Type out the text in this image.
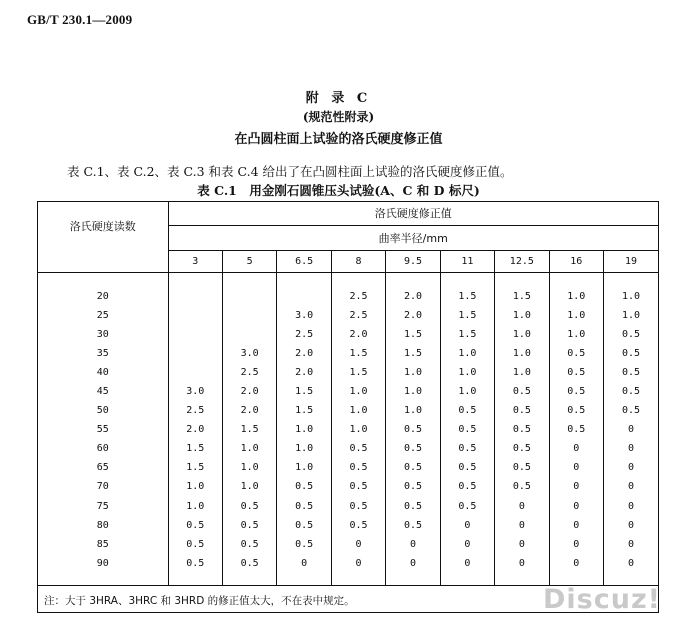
GB/T 230.1—2009
附 录 C
(规范性附录)
在凸圆柱面上试验的洛氏硬度修正值
表 C.1、表 C.2、表 C.3 和表 C.4 给出了在凸圆柱面上试验的洛氏硬度修正值。
表 C.1　用金刚石圆锥压头试验(A、C 和 D 标尺)
洛氏硬度读数	洛氏硬度修正值								
	曲率半径/mm								
	3	5	6.5	8	9.5	11	12.5	16	19

20				2.5	2.0	1.5	1.5	1.0	1.0
25			3.0	2.5	2.0	1.5	1.0	1.0	1.0
30			2.5	2.0	1.5	1.5	1.0	1.0	0.5
35		3.0	2.0	1.5	1.5	1.0	1.0	0.5	0.5
40		2.5	2.0	1.5	1.0	1.0	1.0	0.5	0.5
45	3.0	2.0	1.5	1.0	1.0	1.0	0.5	0.5	0.5
50	2.5	2.0	1.5	1.0	1.0	0.5	0.5	0.5	0.5
55	2.0	1.5	1.0	1.0	0.5	0.5	0.5	0.5	0
60	1.5	1.0	1.0	0.5	0.5	0.5	0.5	0	0
65	1.5	1.0	1.0	0.5	0.5	0.5	0.5	0	0
70	1.0	1.0	0.5	0.5	0.5	0.5	0.5	0	0
75	1.0	0.5	0.5	0.5	0.5	0.5	0	0	0
80	0.5	0.5	0.5	0.5	0.5	0	0	0	0
85	0.5	0.5	0.5	0	0	0	0	0	0
90	0.5	0.5	0	0	0	0	0	0	0

注：大于 3HRA、3HRC 和 3HRD 的修正值太大，不在表中规定。										Discuz!
